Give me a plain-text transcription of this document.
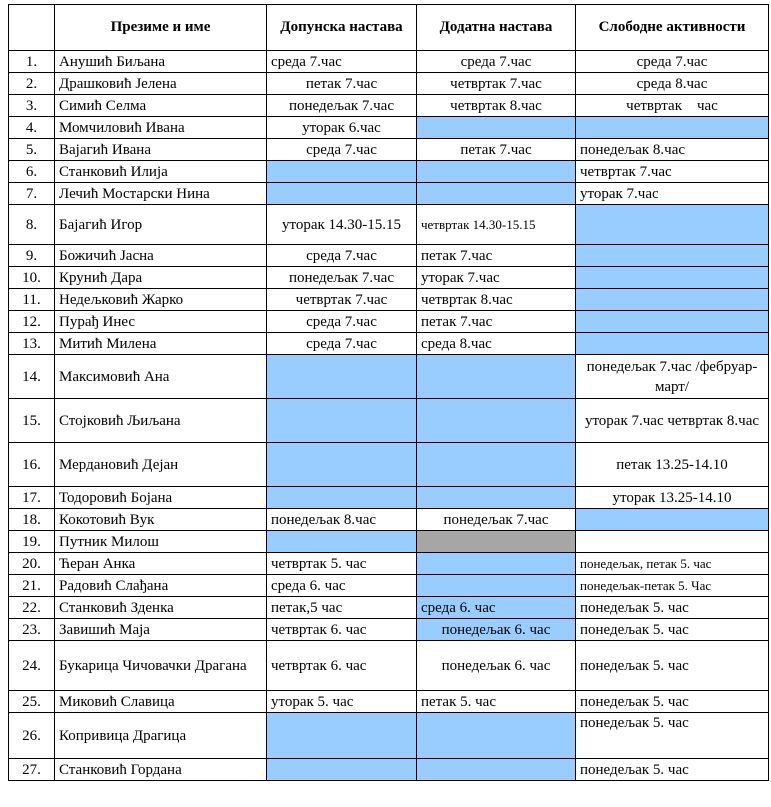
	Презиме и име	Допунска настава	Додатна настава	Слободне активности
1.	Анушић Биљана	среда 7.час	среда 7.час	среда 7.час
2.	Драшковић Јелена	петак 7.час	четвртак 7.час	среда 8.час
3.	Симић Селма	понедељак 7.час	четвртак 8.час	четвртак    час
4.	Момчиловић Ивана	уторак 6.час		
5.	Вајагић Ивана	среда 7.час	петак 7.час	понедељак 8.час
6.	Станковић Илија			четвртак 7.час
7.	Лечић Мостарски Нина			уторак 7.час
8.	Бајагић Игор	уторак 14.30-15.15	четвртак 14.30-15.15	
9.	Божичић Јасна	среда 7.час	петак 7.час	
10.	Крунић Дара	понедељак 7.час	уторак 7.час	
11.	Недељковић Жарко	четвртак 7.час	четвртак 8.час	
12.	Пурађ Инес	среда 7.час	петак 7.час	
13.	Митић Милена	среда 7.час	среда 8.час	
14.	Максимовић Ана			понедељак 7.час /фебруар-март/
15.	Стојковић Љиљана			уторак 7.час четвртак 8.час
16.	Мердановић Дејан			петак 13.25-14.10
17.	Тодоровић Бојана			уторак 13.25-14.10
18.	Кокотовић Вук	понедељак 8.час	понедељак 7.час	
19.	Путник Милош			
20.	Ћеран Анка	четвртак 5. час		понедељак, петак 5. час
21.	Радовић Слађана	среда 6. час		понедељак-петак 5. Час
22.	Станковић Зденка	петак,5 час	среда 6. час	понедељак 5. час
23.	Завишић Маја	четвртак 6. час	понедељак 6. час	понедељак 5. час
24.	Букарица Чичовачки Драгана	четвртак 6. час	понедељак 6. час	понедељак 5. час
25.	Миковић Славица	уторак 5. час	петак 5. час	понедељак 5. час
26.	Копривица Драгица			понедељак 5. час
27.	Станковић Гордана			понедељак 5. час
